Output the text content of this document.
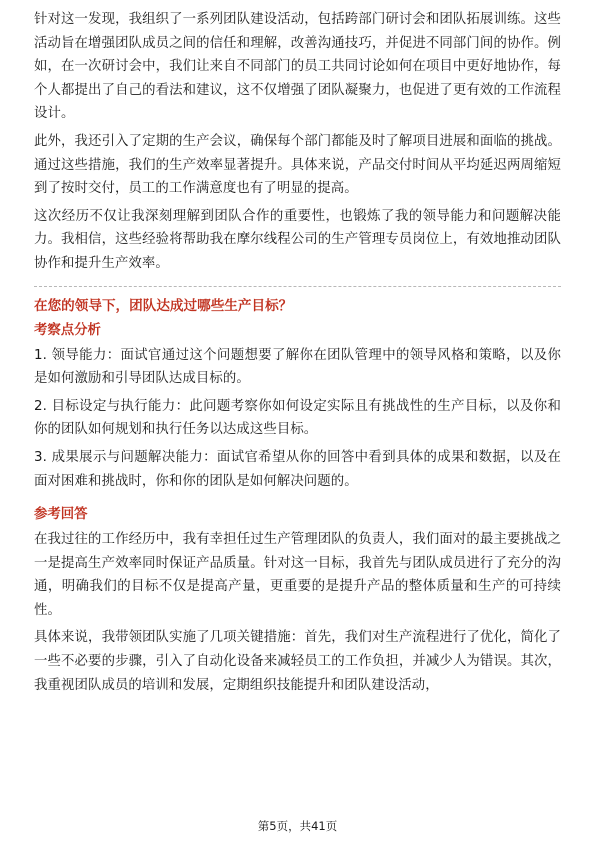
针对这一发现，我组织了一系列团队建设活动，包括跨部门研讨会和团队拓展训练。这些活动旨在增强团队成员之间的信任和理解，改善沟通技巧，并促进不同部门间的协作。例如，在一次研讨会中，我们让来自不同部门的员工共同讨论如何在项目中更好地协作，每个人都提出了自己的看法和建议，这不仅增强了团队凝聚力，也促进了更有效的工作流程设计。

此外，我还引入了定期的生产会议，确保每个部门都能及时了解项目进展和面临的挑战。通过这些措施，我们的生产效率显著提升。具体来说，产品交付时间从平均延迟两周缩短到了按时交付，员工的工作满意度也有了明显的提高。

这次经历不仅让我深刻理解到团队合作的重要性，也锻炼了我的领导能力和问题解决能力。我相信，这些经验将帮助我在摩尔线程公司的生产管理专员岗位上，有效地推动团队协作和提升生产效率。

在您的领导下，团队达成过哪些生产目标？
考察点分析

1. 领导能力：面试官通过这个问题想要了解你在团队管理中的领导风格和策略，以及你是如何激励和引导团队达成目标的。

2. 目标设定与执行能力：此问题考察你如何设定实际且有挑战性的生产目标，以及你和你的团队如何规划和执行任务以达成这些目标。

3. 成果展示与问题解决能力：面试官希望从你的回答中看到具体的成果和数据，以及在面对困难和挑战时，你和你的团队是如何解决问题的。

参考回答

在我过往的工作经历中，我有幸担任过生产管理团队的负责人，我们面对的最主要挑战之一是提高生产效率同时保证产品质量。针对这一目标，我首先与团队成员进行了充分的沟通，明确我们的目标不仅是提高产量，更重要的是提升产品的整体质量和生产的可持续性。

具体来说，我带领团队实施了几项关键措施：首先，我们对生产流程进行了优化，简化了一些不必要的步骤，引入了自动化设备来减轻员工的工作负担，并减少人为错误。其次，我重视团队成员的培训和发展，定期组织技能提升和团队建设活动，

第5页，共41页
